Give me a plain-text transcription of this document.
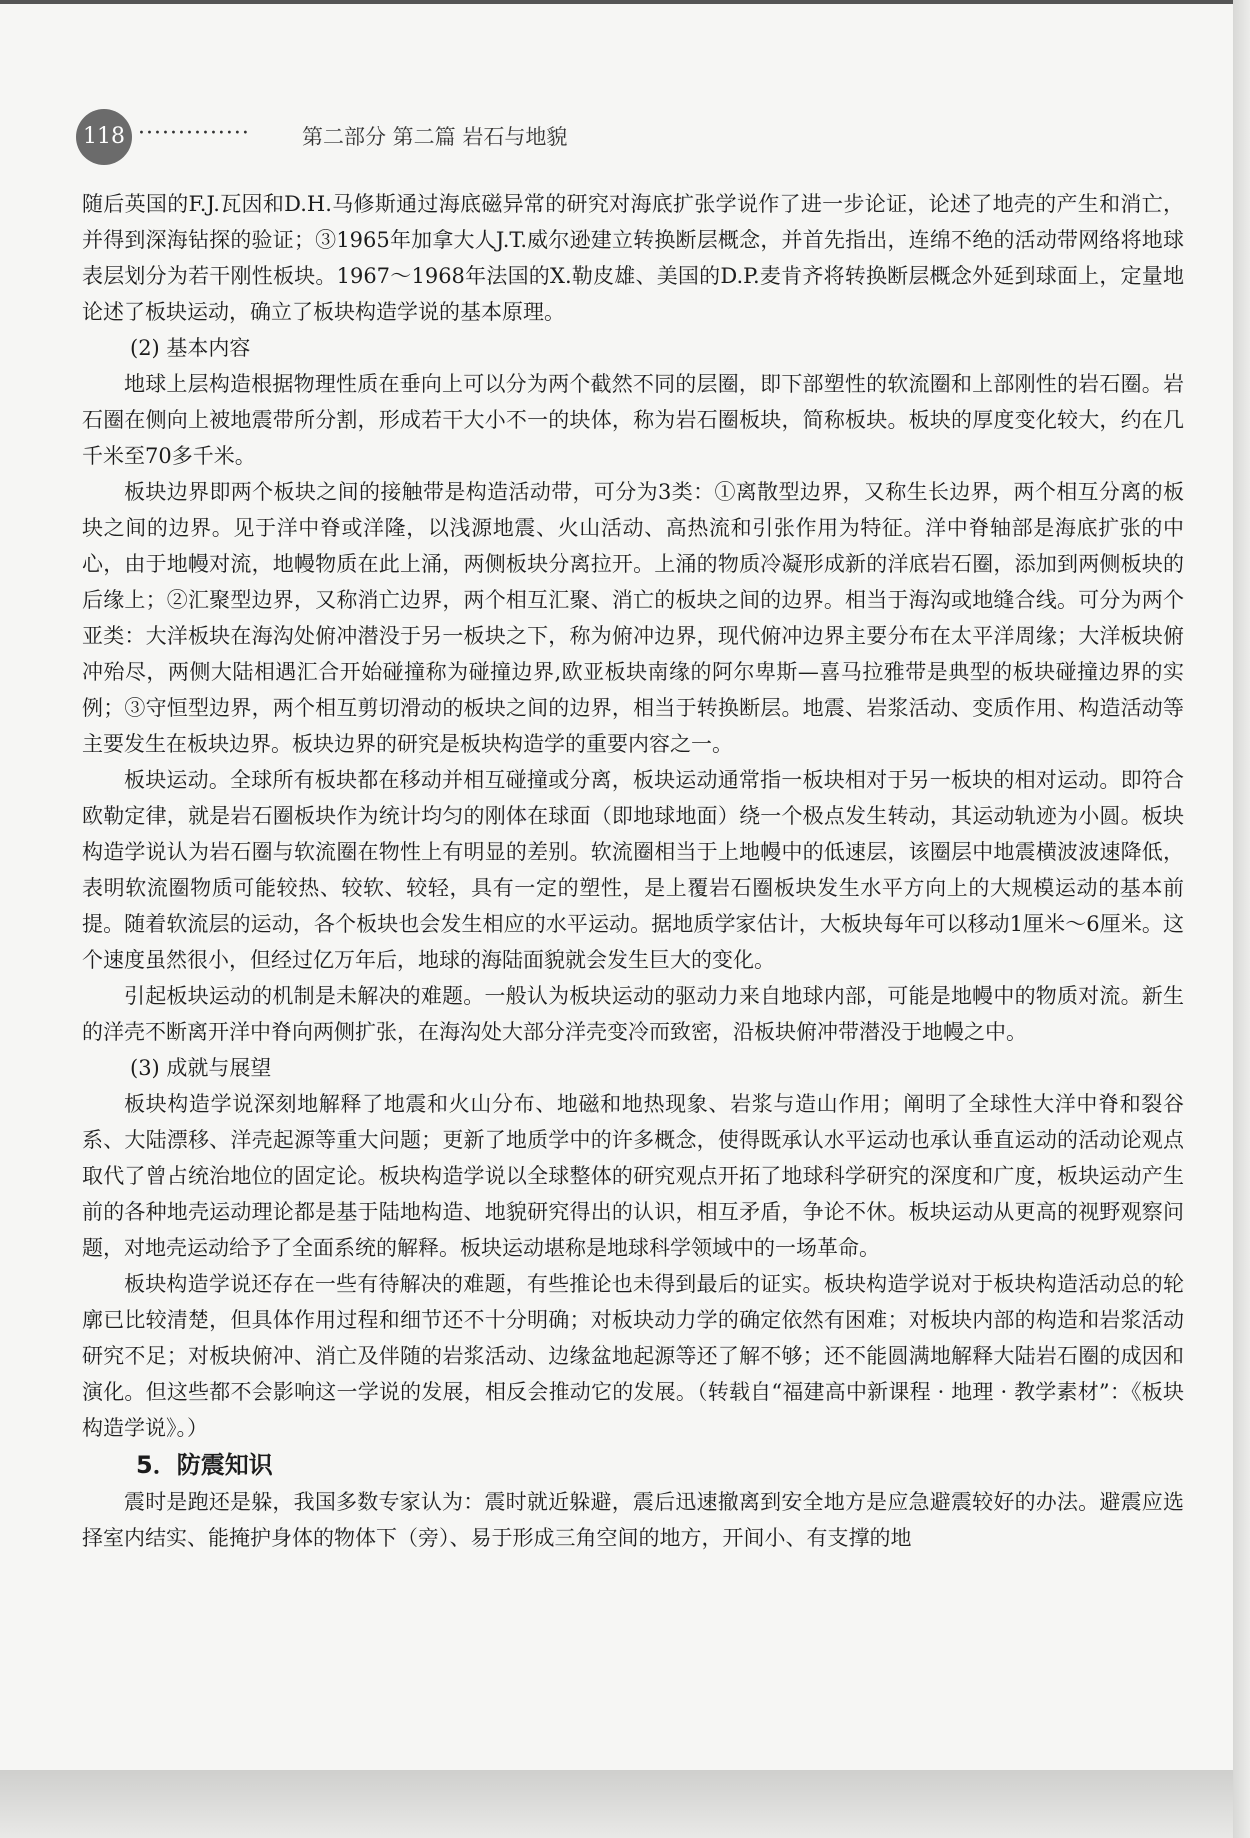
118 ·············· 第二部分 第二篇 岩石与地貌

随后英国的F.J.瓦因和D.H.马修斯通过海底磁异常的研究对海底扩张学说作了进一步论证，论述了地壳的产生和消亡，并得到深海钻探的验证；③1965年加拿大人J.T.威尔逊建立转换断层概念，并首先指出，连绵不绝的活动带网络将地球表层划分为若干刚性板块。1967～1968年法国的X.勒皮雄、美国的D.P.麦肯齐将转换断层概念外延到球面上，定量地论述了板块运动，确立了板块构造学说的基本原理。

(2) 基本内容

地球上层构造根据物理性质在垂向上可以分为两个截然不同的层圈，即下部塑性的软流圈和上部刚性的岩石圈。岩石圈在侧向上被地震带所分割，形成若干大小不一的块体，称为岩石圈板块，简称板块。板块的厚度变化较大，约在几千米至70多千米。

板块边界即两个板块之间的接触带是构造活动带，可分为3类：①离散型边界，又称生长边界，两个相互分离的板块之间的边界。见于洋中脊或洋隆，以浅源地震、火山活动、高热流和引张作用为特征。洋中脊轴部是海底扩张的中心，由于地幔对流，地幔物质在此上涌，两侧板块分离拉开。上涌的物质冷凝形成新的洋底岩石圈，添加到两侧板块的后缘上；②汇聚型边界，又称消亡边界，两个相互汇聚、消亡的板块之间的边界。相当于海沟或地缝合线。可分为两个亚类：大洋板块在海沟处俯冲潜没于另一板块之下，称为俯冲边界，现代俯冲边界主要分布在太平洋周缘；大洋板块俯冲殆尽，两侧大陆相遇汇合开始碰撞称为碰撞边界,欧亚板块南缘的阿尔卑斯—喜马拉雅带是典型的板块碰撞边界的实例；③守恒型边界，两个相互剪切滑动的板块之间的边界，相当于转换断层。地震、岩浆活动、变质作用、构造活动等主要发生在板块边界。板块边界的研究是板块构造学的重要内容之一。

板块运动。全球所有板块都在移动并相互碰撞或分离，板块运动通常指一板块相对于另一板块的相对运动。即符合欧勒定律，就是岩石圈板块作为统计均匀的刚体在球面（即地球地面）绕一个极点发生转动，其运动轨迹为小圆。板块构造学说认为岩石圈与软流圈在物性上有明显的差别。软流圈相当于上地幔中的低速层，该圈层中地震横波波速降低，表明软流圈物质可能较热、较软、较轻，具有一定的塑性，是上覆岩石圈板块发生水平方向上的大规模运动的基本前提。随着软流层的运动，各个板块也会发生相应的水平运动。据地质学家估计，大板块每年可以移动1厘米～6厘米。这个速度虽然很小，但经过亿万年后，地球的海陆面貌就会发生巨大的变化。

引起板块运动的机制是未解决的难题。一般认为板块运动的驱动力来自地球内部，可能是地幔中的物质对流。新生的洋壳不断离开洋中脊向两侧扩张，在海沟处大部分洋壳变冷而致密，沿板块俯冲带潜没于地幔之中。

(3) 成就与展望

板块构造学说深刻地解释了地震和火山分布、地磁和地热现象、岩浆与造山作用；阐明了全球性大洋中脊和裂谷系、大陆漂移、洋壳起源等重大问题；更新了地质学中的许多概念，使得既承认水平运动也承认垂直运动的活动论观点取代了曾占统治地位的固定论。板块构造学说以全球整体的研究观点开拓了地球科学研究的深度和广度，板块运动产生前的各种地壳运动理论都是基于陆地构造、地貌研究得出的认识，相互矛盾，争论不休。板块运动从更高的视野观察问题，对地壳运动给予了全面系统的解释。板块运动堪称是地球科学领域中的一场革命。

板块构造学说还存在一些有待解决的难题，有些推论也未得到最后的证实。板块构造学说对于板块构造活动总的轮廓已比较清楚，但具体作用过程和细节还不十分明确；对板块动力学的确定依然有困难；对板块内部的构造和岩浆活动研究不足；对板块俯冲、消亡及伴随的岩浆活动、边缘盆地起源等还了解不够；还不能圆满地解释大陆岩石圈的成因和演化。但这些都不会影响这一学说的发展，相反会推动它的发展。（转载自“福建高中新课程 · 地理 · 教学素材”：《板块构造学说》。）

5．防震知识

震时是跑还是躲，我国多数专家认为：震时就近躲避，震后迅速撤离到安全地方是应急避震较好的办法。避震应选择室内结实、能掩护身体的物体下（旁）、易于形成三角空间的地方，开间小、有支撑的地
